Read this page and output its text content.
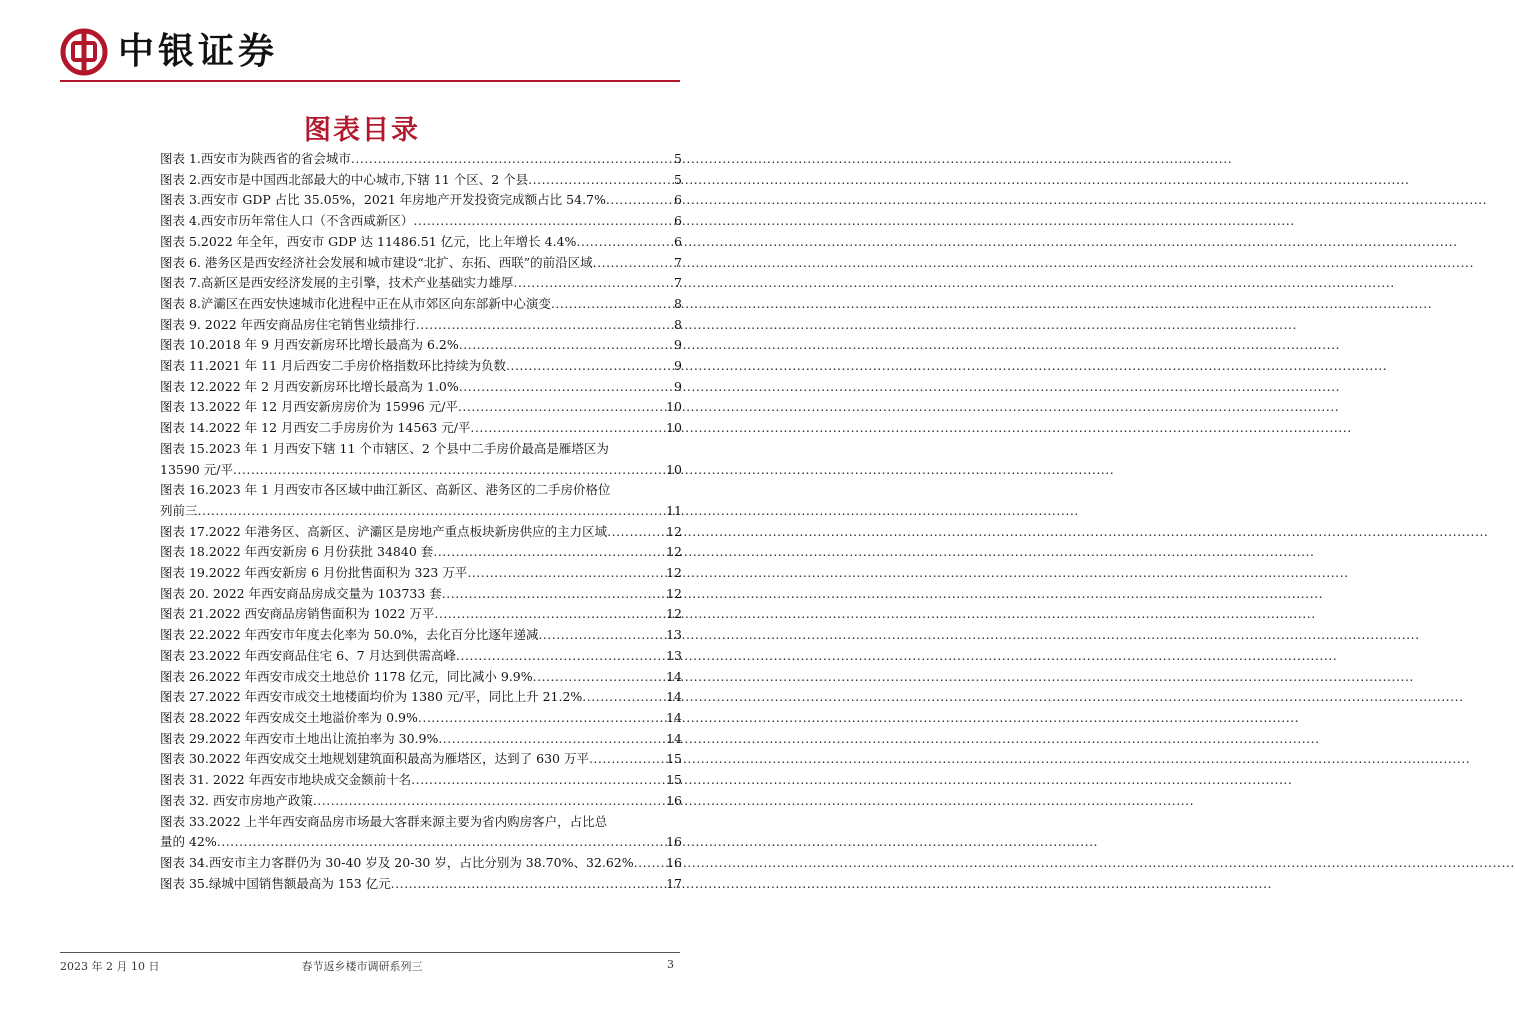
中银证券
图表目录
图表 1.西安市为陕西省的省会城市 .....	5
图表 2.西安市是中国西北部最大的中心城市,下辖 11 个区、2 个县 .....	5
图表 3.西安市 GDP 占比 35.05%，2021 年房地产开发投资完成额占比 54.7% .....	6
图表 4.西安市历年常住人口（不含西咸新区） .....	6
图表 5.2022 年全年，西安市 GDP 达 11486.51 亿元，比上年增长 4.4% .....	6
图表 6. 港务区是西安经济社会发展和城市建设“北扩、东拓、西联”的前沿区域 .....	7
图表 7.高新区是西安经济发展的主引擎，技术产业基础实力雄厚 .....	7
图表 8.浐灞区在西安快速城市化进程中正在从市郊区向东部新中心演变 .....	8
图表 9. 2022 年西安商品房住宅销售业绩排行 .....	8
图表 10.2018 年 9 月西安新房环比增长最高为 6.2% .....	9
图表 11.2021 年 11 月后西安二手房价格指数环比持续为负数 .....	9
图表 12.2022 年 2 月西安新房环比增长最高为 1.0% .....	9
图表 13.2022 年 12 月西安新房房价为 15996 元/平 .....	10
图表 14.2022 年 12 月西安二手房房价为 14563 元/平 .....	10
图表 15.2023 年 1 月西安下辖 11 个市辖区、2 个县中二手房价最高是雁塔区为
13590 元/平 .....	10
图表 16.2023 年 1 月西安市各区域中曲江新区、高新区、港务区的二手房价格位
列前三 .....	11
图表 17.2022 年港务区、高新区、浐灞区是房地产重点板块新房供应的主力区域 .....	12
图表 18.2022 年西安新房 6 月份获批 34840 套 .....	12
图表 19.2022 年西安新房 6 月份批售面积为 323 万平 .....	12
图表 20. 2022 年西安商品房成交量为 103733 套 .....	12
图表 21.2022 西安商品房销售面积为 1022 万平 .....	12
图表 22.2022 年西安市年度去化率为 50.0%，去化百分比逐年递减 .....	13
图表 23.2022 年西安商品住宅 6、7 月达到供需高峰 .....	13
图表 26.2022 年西安市成交土地总价 1178 亿元，同比减小 9.9% .....	14
图表 27.2022 年西安市成交土地楼面均价为 1380 元/平，同比上升 21.2% .....	14
图表 28.2022 年西安成交土地溢价率为 0.9% .....	14
图表 29.2022 年西安市土地出让流拍率为 30.9% .....	14
图表 30.2022 年西安成交土地规划建筑面积最高为雁塔区，达到了 630 万平 .....	15
图表 31. 2022 年西安市地块成交金额前十名 .....	15
图表 32. 西安市房地产政策 .....	16
图表 33.2022 上半年西安商品房市场最大客群来源主要为省内购房客户，占比总
量的 42% .....	16
图表 34.西安市主力客群仍为 30-40 岁及 20-30 岁，占比分别为 38.70%、32.62% .....	16
图表 35.绿城中国销售额最高为 153 亿元 .....	17
2023 年 2 月 10 日	春节返乡楼市调研系列三	3
